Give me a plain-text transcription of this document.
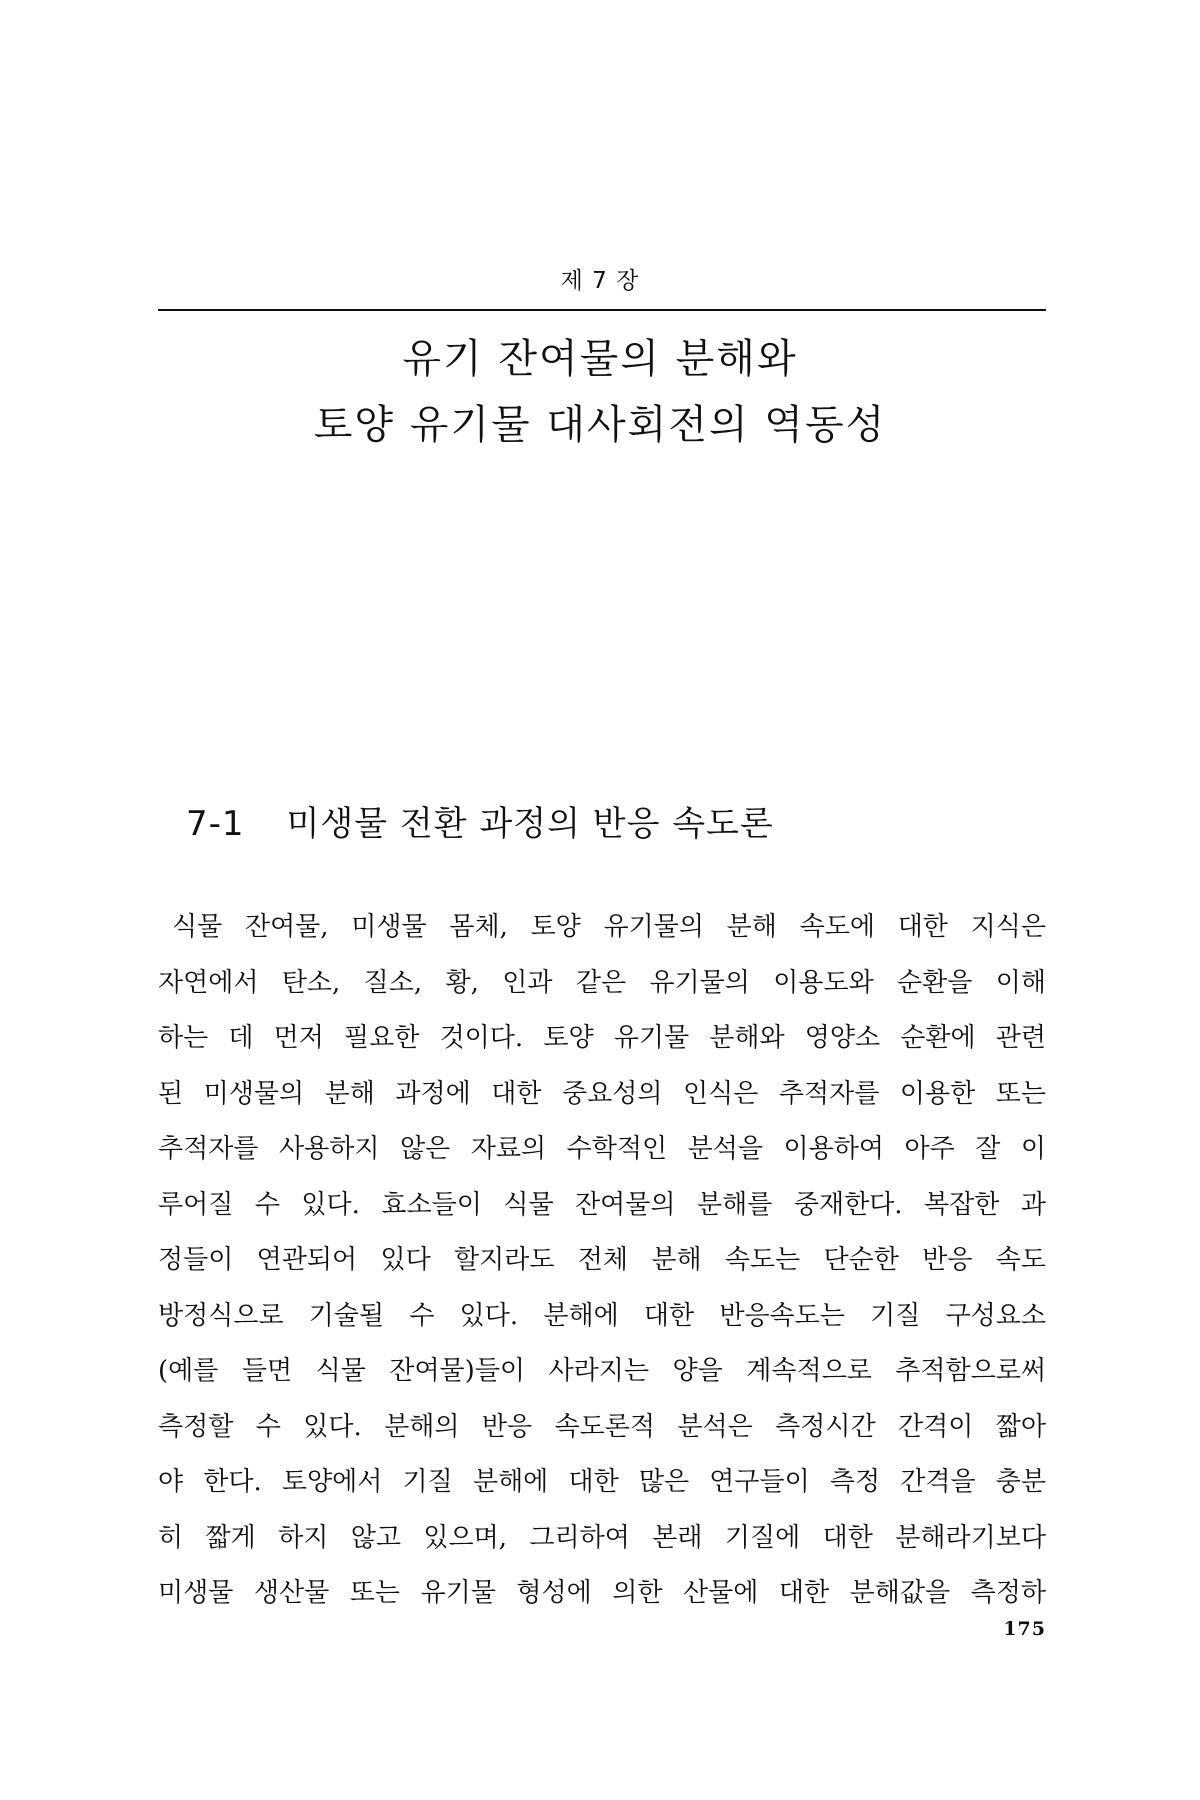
제 7 장
유기 잔여물의 분해와
토양 유기물 대사회전의 역동성
7-1 미생물 전환 과정의 반응 속도론
식물 잔여물, 미생물 몸체, 토양 유기물의 분해 속도에 대한 지식은
자연에서 탄소, 질소, 황, 인과 같은 유기물의 이용도와 순환을 이해
하는 데 먼저 필요한 것이다. 토양 유기물 분해와 영양소 순환에 관련
된 미생물의 분해 과정에 대한 중요성의 인식은 추적자를 이용한 또는
추적자를 사용하지 않은 자료의 수학적인 분석을 이용하여 아주 잘 이
루어질 수 있다. 효소들이 식물 잔여물의 분해를 중재한다. 복잡한 과
정들이 연관되어 있다 할지라도 전체 분해 속도는 단순한 반응 속도
방정식으로 기술될 수 있다. 분해에 대한 반응속도는 기질 구성요소
(예를 들면 식물 잔여물)들이 사라지는 양을 계속적으로 추적함으로써
측정할 수 있다. 분해의 반응 속도론적 분석은 측정시간 간격이 짧아
야 한다. 토양에서 기질 분해에 대한 많은 연구들이 측정 간격을 충분
히 짧게 하지 않고 있으며, 그리하여 본래 기질에 대한 분해라기보다
미생물 생산물 또는 유기물 형성에 의한 산물에 대한 분해값을 측정하
175
